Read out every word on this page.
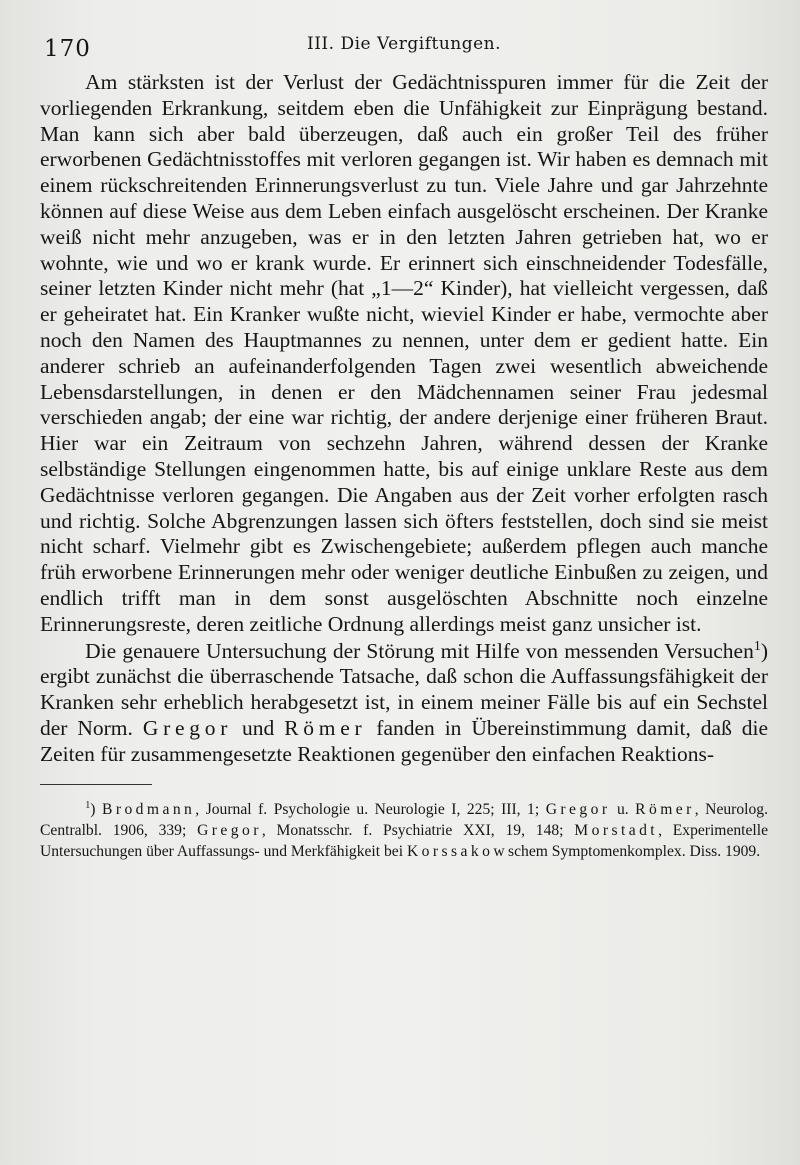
170	III. Die Vergiftungen.

Am stärksten ist der Verlust der Gedächtnisspuren immer für die Zeit der vorliegenden Erkrankung, seitdem eben die Unfähigkeit zur Einprägung bestand. Man kann sich aber bald überzeugen, daß auch ein großer Teil des früher erworbenen Gedächtnisstoffes mit verloren gegangen ist. Wir haben es demnach mit einem rückschreitenden Erinnerungsverlust zu tun. Viele Jahre und gar Jahrzehnte können auf diese Weise aus dem Leben einfach ausgelöscht erscheinen. Der Kranke weiß nicht mehr anzugeben, was er in den letzten Jahren getrieben hat, wo er wohnte, wie und wo er krank wurde. Er erinnert sich einschneidender Todesfälle, seiner letzten Kinder nicht mehr (hat „1—2“ Kinder), hat vielleicht vergessen, daß er geheiratet hat. Ein Kranker wußte nicht, wieviel Kinder er habe, vermochte aber noch den Namen des Hauptmannes zu nennen, unter dem er gedient hatte. Ein anderer schrieb an aufeinanderfolgenden Tagen zwei wesentlich abweichende Lebensdarstellungen, in denen er den Mädchennamen seiner Frau jedesmal verschieden angab; der eine war richtig, der andere derjenige einer früheren Braut. Hier war ein Zeitraum von sechzehn Jahren, während dessen der Kranke selbständige Stellungen eingenommen hatte, bis auf einige unklare Reste aus dem Gedächtnisse verloren gegangen. Die Angaben aus der Zeit vorher erfolgten rasch und richtig. Solche Abgrenzungen lassen sich öfters feststellen, doch sind sie meist nicht scharf. Vielmehr gibt es Zwischengebiete; außerdem pflegen auch manche früh erworbene Erinnerungen mehr oder weniger deutliche Einbußen zu zeigen, und endlich trifft man in dem sonst ausgelöschten Abschnitte noch einzelne Erinnerungsreste, deren zeitliche Ordnung allerdings meist ganz unsicher ist.

Die genauere Untersuchung der Störung mit Hilfe von messenden Versuchen$^1$) ergibt zunächst die überraschende Tatsache, daß schon die Auffassungsfähigkeit der Kranken sehr erheblich herabgesetzt ist, in einem meiner Fälle bis auf ein Sechstel der Norm. Gregor und Römer fanden in Übereinstimmung damit, daß die Zeiten für zusammengesetzte Reaktionen gegenüber den einfachen Reaktions-

$^1$) Brodmann, Journal f. Psychologie u. Neurologie I, 225; III, 1; Gregor u. Römer, Neurolog. Centralbl. 1906, 339; Gregor, Monatsschr. f. Psychiatrie XXI, 19, 148; Morstadt, Experimentelle Untersuchungen über Auffassungs- und Merkfähigkeit bei Korssakowschem Symptomenkomplex. Diss. 1909.
